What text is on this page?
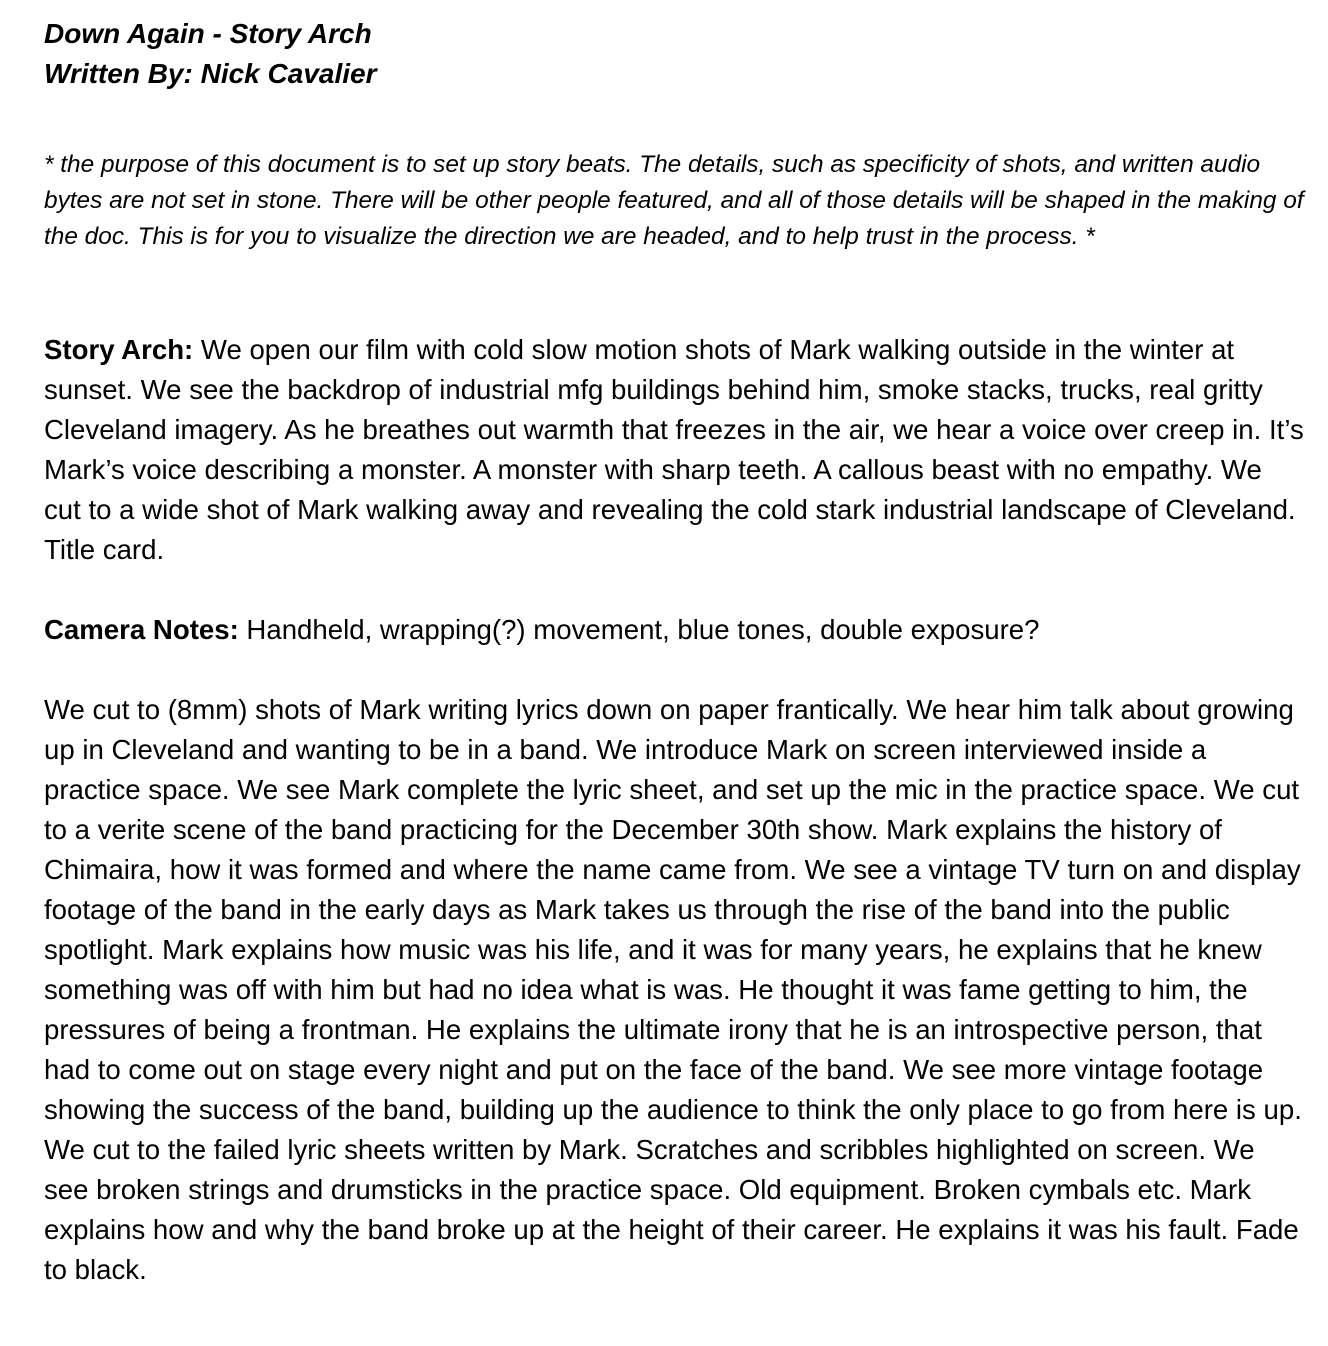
Down Again - Story Arch
Written By: Nick Cavalier

* the purpose of this document is to set up story beats. The details, such as specificity of shots, and written audio bytes are not set in stone. There will be other people featured, and all of those details will be shaped in the making of the doc. This is for you to visualize the direction we are headed, and to help trust in the process. *

Story Arch: We open our film with cold slow motion shots of Mark walking outside in the winter at sunset. We see the backdrop of industrial mfg buildings behind him, smoke stacks, trucks, real gritty Cleveland imagery. As he breathes out warmth that freezes in the air, we hear a voice over creep in. It’s Mark’s voice describing a monster. A monster with sharp teeth. A callous beast with no empathy. We cut to a wide shot of Mark walking away and revealing the cold stark industrial landscape of Cleveland. Title card.

Camera Notes: Handheld, wrapping(?) movement, blue tones, double exposure?

We cut to (8mm) shots of Mark writing lyrics down on paper frantically. We hear him talk about growing up in Cleveland and wanting to be in a band. We introduce Mark on screen interviewed inside a practice space. We see Mark complete the lyric sheet, and set up the mic in the practice space. We cut to a verite scene of the band practicing for the December 30th show. Mark explains the history of Chimaira, how it was formed and where the name came from. We see a vintage TV turn on and display footage of the band in the early days as Mark takes us through the rise of the band into the public spotlight. Mark explains how music was his life, and it was for many years, he explains that he knew something was off with him but had no idea what is was. He thought it was fame getting to him, the pressures of being a frontman. He explains the ultimate irony that he is an introspective person, that had to come out on stage every night and put on the face of the band. We see more vintage footage showing the success of the band, building up the audience to think the only place to go from here is up. We cut to the failed lyric sheets written by Mark. Scratches and scribbles highlighted on screen. We see broken strings and drumsticks in the practice space. Old equipment. Broken cymbals etc. Mark explains how and why the band broke up at the height of their career. He explains it was his fault. Fade to black.
